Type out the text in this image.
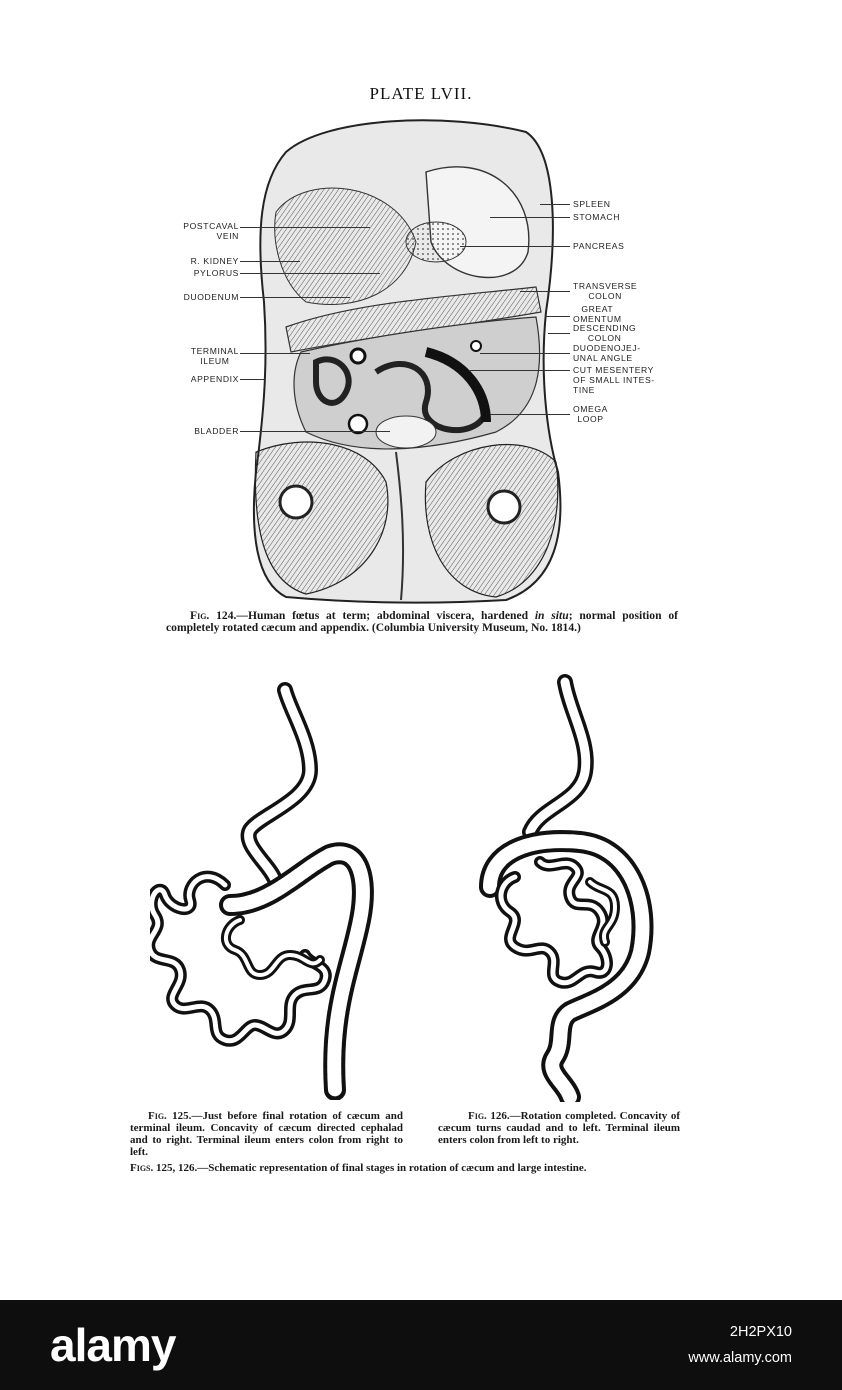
PLATE LVII.
POSTCAVAL
VEIN
R. KIDNEY
PYLORUS
DUODENUM
TERMINAL
ILEUM
APPENDIX
BLADDER
SPLEEN
STOMACH
PANCREAS
TRANSVERSE
COLON
GREAT
OMENTUM
DESCENDING
COLON
DUODENOJEJ-
UNAL ANGLE
CUT MESENTERY
OF SMALL INTES-
TINE
OMEGA
LOOP
Fig. 124.—Human fœtus at term; abdominal viscera, hardened in situ; normal position of completely rotated cæcum and appendix. (Columbia University Museum, No. 1814.)
Fig. 125.—Just before final rotation of cæcum and terminal ileum. Concavity of cæcum directed cephalad and to right. Terminal ileum enters colon from right to left.
Fig. 126.—Rotation completed. Concavity of cæcum turns caudad and to left. Terminal ileum enters colon from left to right.
Figs. 125, 126.—Schematic representation of final stages in rotation of cæcum and large intestine.
alamy	2H2PX10
www.alamy.com
